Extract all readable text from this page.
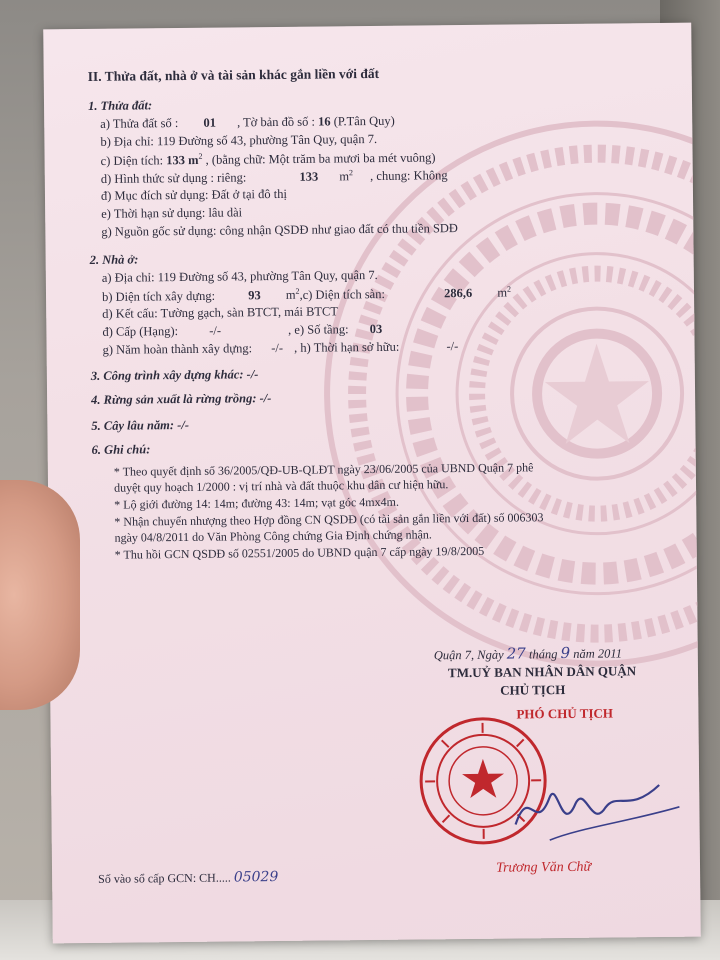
II. Thửa đất, nhà ở và tài sản khác gắn liền với đất
1. Thửa đất:
a) Thửa đất số : 01 , Tờ bản đồ số : 16 (P.Tân Quy)
b) Địa chỉ: 119 Đường số 43, phường Tân Quy, quận 7.
c) Diện tích: 133 $m^2$ , (bằng chữ: Một trăm ba mươi ba mét vuông)
d) Hình thức sử dụng : riêng:	133 $m^2$ , chung: Không
đ) Mục đích sử dụng: Đất ở tại đô thị
e) Thời hạn sử dụng: lâu dài
g) Nguồn gốc sử dụng: công nhận QSDĐ như giao đất có thu tiền SDĐ
2. Nhà ở:
a) Địa chỉ: 119 Đường số 43, phường Tân Quy, quận 7.
b) Diện tích xây dựng:	93 $m^2,c$) Diện tích sàn:	286,6 $m^2$
d) Kết cấu: Tường gạch, sàn BTCT, mái BTCT
đ) Cấp (Hạng): -/-	, e) Số tầng: 03
g) Năm hoàn thành xây dựng: -/- , h) Thời hạn sở hữu:	-/-
3. Công trình xây dựng khác: -/-
4. Rừng sản xuất là rừng trồng: -/-
5. Cây lâu năm: -/-
6. Ghi chú:
* Theo quyết định số 36/2005/QĐ-UB-QLĐT ngày 23/06/2005 của UBND Quận 7 phê
duyệt quy hoạch 1/2000 : vị trí nhà và đất thuộc khu dân cư hiện hữu.
* Lộ giới đường 14: 14m; đường 43: 14m; vạt góc 4mx4m.
* Nhận chuyển nhượng theo Hợp đồng CN QSDĐ (có tài sản gắn liền với đất) số 006303
ngày 04/8/2011 do Văn Phòng Công chứng Gia Định chứng nhận.
* Thu hồi GCN QSDĐ số 02551/2005 do UBND quận 7 cấp ngày 19/8/2005
Quận 7, Ngày 27 tháng 9 năm 2011
TM.UỶ BAN NHÂN DÂN QUẬN
CHỦ TỊCH
PHÓ CHỦ TỊCH
Trương Văn Chữ
Số vào sổ cấp GCN: CH..... 05029
